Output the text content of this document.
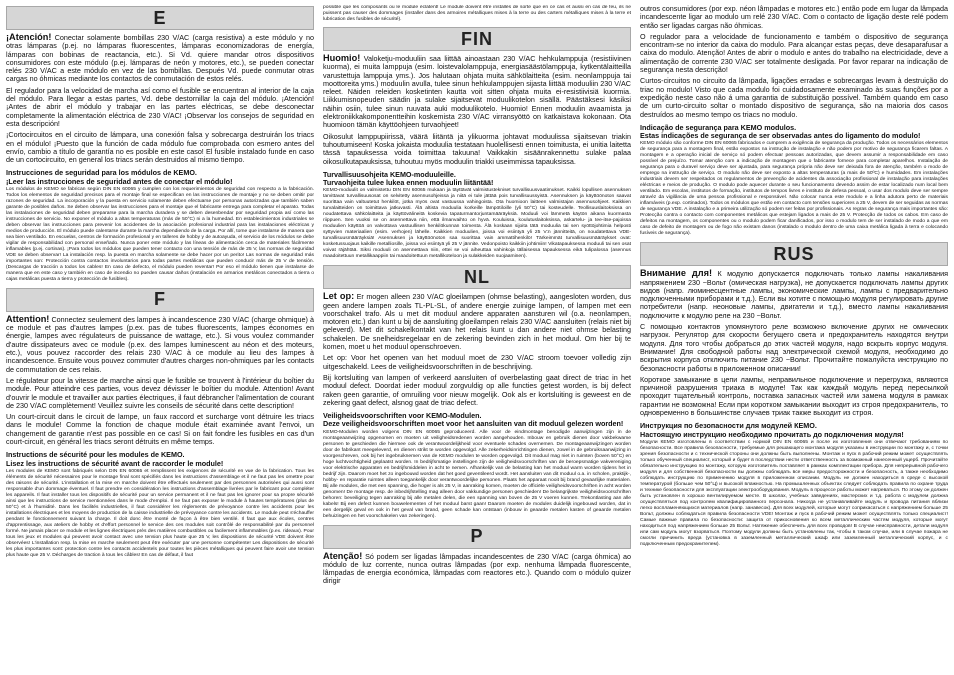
E

¡Atención! Conectar solamente bombillas 230 V/AC (carga resistiva) a este módulo y no otras lámparas (p.ej. no lámparas fluorescentes, lámparas economizadoras de energía, lámparas con bobinas de reactancia, etc.). Si Vd. quiere mandar otros dispositivos consumidores con este módulo (p.ej. lámparas de neón y motores, etc.), se pueden conectar relés 230 V/AC a este módulo en vez de las bombillas. Después Vd. puede conmutar otras cargas no óhmicas mediante los contactos de conmutación de estos relés.

El regulador para la velocidad de marcha así como el fusible se encuentran al interior de la caja del módulo. Para llegar a estas partes, Vd. debe destornillar la caja del módulo. ¡Atención! ¡Antes de abrir el módulo y trabajar en las partes eléctricas, se debe desconectar completamente la alimentación eléctrica de 230 V/AC! ¡Observar los consejos de seguridad en esta descripción!

¡Cortocircuitos en el circuito de lámpara, una conexión falsa y sobrecarga destruirán los triacs en el módulo! ¡Puesto que la función de cada módulo fue comprobada con esmero antes del envío, cambio a título de garantía no es posible en este caso! El fusible instalado funde en caso de un cortocircuito, en general los triacs serán destruidos al mismo tiempo.

Instrucciones de seguridad para los módulos de KEMO.
¡Leer las instrucciones de seguridad antes de conectar el módulo!

Los módulos de KEMO se fabrican según DIN EN 60065 y cumplen con los requerimientos de seguridad con respecto a la fabricación. Todos los elementos de seguridad precisos para el montaje final se especifican en las instrucciones de montaje y no se deben omitir por razones de seguridad. La incorporación y la puesta en servicio solamente deben efectuarse por personas autorizadas que también saben garante de posibles daños. Se deben observar las instrucciones para el montaje que el fabricante entrega para completar el aparato. Todas las instalaciones de seguridad deben prepararse para la marcha duradera y se deben desenbendar por seguridad propia así como las instrucciones de servicio. No exponer el módulo a altas temperaturas (más de 50°C) ni a la humedad. En establecimientos industriales se deben observar las instrucciones para prevenir los accidentes de la asociación profesional industrial para las instalaciones eléctricas y medios de producción. El módulo puede calentarse durante la marcha dependiendo de la carga. Por allí, tome que instalarse de manera que sea bien ventilado. En escuelas, centros de formación profesional y en talleres de hobby y de autoayuda, el servicio de los módulos se debe vigilar de responsabilidad con personal enseñado. Nunca poner este módulo y las líneas de alimentación cerca de materiales fácilmente inflamables (p.ej. cortinas). ¡Para todos los módulos que pueden tener contacto con una tensión de más de 25 V, las normas de seguridad VDE se deben observar! La instalación resp. la puesta en marcha solamente se debe hacer por un perito! Las normas de seguridad más importantes son: Protección contra contactos involuntarios para todas partes metálicas que pueden conducir más de 25 V de tensión. (Descargas de tracción a todos los cables! En caso de defecto, el módulo pueden reventar! Por eso el módulo tienen que instalarse de manera que en este caso y también en caso de incendio no pueden causar daños (instalación en armarios metálicos conectados a tierra o cajas metálicas puesta a tierra y protección de fusibles).

F

Attention! Connectez seulement des lampes à incandescence 230 V/AC (charge ohmique) à ce module et pas d'autres lampes (p.ex. pas de tubes fluorescents, lampes économes en énergie, lampes avec régulateurs de puissance de wattage, etc.). Si vous voulez commander d'autre dissipateurs avec ce module (p.ex. des lampes luminescent au néon et des moteurs, etc.), vous pouvez raccorder des relais 230 V/AC à ce module au lieu des lampes à incandescence. Ensuite vous pouvez commuter d'autres charges non-ohmiques par les contacts de commutation de ces relais.

Le régulateur pour la vitesse de marche ainsi que le fusible se trouvent à l'intérieur du boîtier du module. Pour atteindre ces parties, vous devez dévisser le boîtier du module. Attention! Avant d'ouvrir le module et travailler aux parties électriques, il faut débrancher l'alimentation de courant de 230 V/AC complètement! Veuillez suivre les conseils de sécurité dans cette description!

Un court-circuit dans le circuit de lampe, un faux raccord et surcharge vont détruire les triacs dans le module! Comme la fonction de chaque module était examinée avant l'envoi, un changement de garantie n'est pas possible en ce cas! Si on fait fondre les fusibles en cas d'un court-circuit, en général les triacs seront détruits en même temps.

Instructions de sécurité pour les modules de KEMO.
Lisez les instructions de sécurité avant de raccorder le module!

Les modules de KEMO sont fabriqués selon DIN EN 60065 et remplissent les exigences de sécurité en vue de la fabrication. Tous les éléments de sécurité nécessaires pour le montage final sont spécifiés dans les instructions d'assemblage et il ne faut pas les omettre pour des raisons de sécurité. L'installation et la mise en marche doivent être effectués seulement par des personnes autorisées qui aussi sont responsable d'un dommage éventuel. Il faut prendre en considération les instructions d'assemblage livrées par le fabricant pour compléter les appareils. Il faut installer tous les dispositifs de sécurité pour un service permanent et il ne faut pas les ignorer pour sa propre sécurité ainsi que les instructions de service mentionnées dans le mode d'emploi. Il ne faut pas exposer le module à hautes températures (plus de 50°C) et à l'humidité. Dans les facilités industrielles, il faut considérer les règlements de prévoyance contre les accidents pour les installations électriques et les moyens de production de la caisse industrielle de prévoyance contre les accidents. Le module peut s'échauffer pendant le fonctionnement suivant la charge. Il doit donc être monté de façon à être bien ventilé. Il faut que aux écoles, centres d'apprentissage, aux ateliers de hobby et d'effort personnel le service des ces modules soit contrôlé de responsabilité par du personnel formé. Ne jamais placer ce module et les lignes électriques près des matières combustibles ou facilement inflammables (p.ex. rideaux). Pour tous les jeux et modules qui peuvent avoir contact avec une tension plus haute que 25 V, les dispositions de sécurité VDE doivent être observées! L'installation resp. la mise en marche seulement peut être exécuter par une personne compétente! Les dispositions de sécurité les plus importantes sont: protection contre les contacts accidentels pour toutes les pièces métalliques qui peuvent faire avoir une tension plus haute que 25 V. Décharges de traction à tous les câbles! En cas de défaut, il faut

possible que les composants ou le module éclatent! Le module doivent être installés de sorte que en ce cas et aussi en cas de feu, ils ne puissent pas causer des dommages (installer dans des armoires métalliques mises à la terre ou des carters métalliques mises à la terre et lubrication des fusibles de sécurité).

FIN

Huomio! Valoketju-moduuliin saa liittää ainoastaan 230 V/AC hehkulamppuja (resistiivinen kuorma), ei muita lamppuja (esim. loistevalolamppuja, energiasäästölamppuja, kytkentälaitteilla varustettuja lamppuja yms.). Jos halutaan ohjata muita sähkölaitteita (esim. neonlamppuja tai moottoreita yms.) moduulin avulla, tulee sinun hehkulamppujen sijasta liittää moduuliin 230 V/AC releet. Näiden releiden kosketinten kautta voit sitten ohjata muita ei-resistiivisiä kuormia. Liikkumisnopeuden säädin ja sulake sijaitsevat moduulikotelon sisällä. Päästäksesi käsiksi näihin osiin, tulee sinun ruuvata auki moduulikotelo. Huomio! Ennen moduulin avaamista ja elektroniikkakomponentteihin koskemista 230 V/AC virransyöttö on katkaistava kokonaan. Ota huomioon tämän käyttöohjeen turvaohjeet!

Oikosulut lamppupiirissä, väärä liitäntä ja ylikuorma johtavat moduulissa sijaitsevan triakin tuhoutumiseen! Koska jokaista moduulia testataan huolellisesti ennen toimitusta, ei unitia laitetta tässä tapauksessa voida toimittaa takuuna! Vaikkakin sisäänrakennettu sulake palaa oikosulkutapauksissa, tuhoutuu myös moduulin triakki useimmissa tapauksissa.

Turvallisuusohjeita KEMO-moduuleille.
Turvaohjeita tulee lukea ennen moduulin liitäntää!

KEMO-moduulit on valmistettu DIN EN 60065 mukaan ja täyttävät valmistustekniset turvallisuusvaatimukset. Kaikki lopullisen asennuksen tarvittavat turvallisuusosat on selvitetty asennusohjeissa ja niitä ei tule jättää pois turvallisuussyistä. Asennuksen ja käyttöönoton saavat suorittaa vain valtuutetut henkilöt, jotka myös ovat vastuussa vahingoista. Ota huomioon laitteen valmistajan asennusohjeet. Kaikkien turvalaitteiden on toimittava jatkuvasti. Älä altista moduulia korkeille lämpötiloille (yli 50°C) tai kosteudelle. Teollisuuslaitoksissa on noudatettava sähkölaitteita ja käyttövälineitä koskevia tapaturmantorjuntamääräyksiä. Moduuli voi lämmetä käytön aikana kuormasta riippuen. Sen vuoksi se on asennettava niin, että ilmanvaihto on hyvä. Kouluissa, koulutuslaitoksissa, askartelu- ja tee-itse-pajoissa moduulien käyttöä on valvottava vastuullisen henkilökunnan toimesta. Älä koskaan sijoita tätä moduulia tai sen syöttöjohtimia helposti syttyvien materiaalien (esim. verhojen) lähelle. Kaikkien moduulien, joissa voi esiintyä yli 25 V:n jännitteitä, on noudatettava VDE-turvallisuusmääräyksiä! Asennuksen ja käyttöönoton saa suorittaa vain ammattihenkilö! Tärkeimmät turvallisuusmääräykset ovat: kosketussuojaus kaikille metalliosille, joissa voi esiintyä yli 25 V jännite. Vedonpoisto kaikkiin johtimiin! Vikatapauksessa moduuli tai sen osat voivat räjähtää. Siksi moduuli on asennettava niin, ettei se voi aiheuttaa vahinkoja tällaisessa tapauksessa eikä tulipalossa (asennus maadoitettuun metallikaappiin tai maadoitettuun metallikoteloon ja sulakkeiden suojaaminen).

NL

Let op: Er mogen alleen 230 V/AC gloeilampen (ohmse belasting), aangesloten worden, dus geen andere lampen zoals TL-PL-SL, of andere energie zuinige lampen, of lampen met een voorschakel trafo. Als u met dit moduul andere apparaten aansturen wil (o.a. neonlampen, motoren etc.) dan kunt u bij de aansluiting gloeilampen relais 230 V/AC aansluiten (relais niet bij geleverd). Met dit schakelkontakt van het relais kunt u dan andere niet ohmse belasting schakelen. De snelheidsregelaar en de zekering bevinden zich in het moduul. Om hier bij te komen, moet u het moduul openschroeven.

Let op: Voor het openen van het moduul moet de 230 V/AC stroom toevoer volledig zijn uitgeschakeld. Lees de veiligheidsvoorschriften in de beschrijving.

Bij kortsluiting van lampen of verkeerd aansluiten of overbelasting gaat direct de triac in het moduul defect. Doordat ieder moduul zorgvuldig op alle functies getest worden, is bij defect raken geen garantie, of omruiling voor nieuw mogelijk. Ook als er kortsluiting is geweest en de zekering gaat defect, alsnog gaat de triac defect.

Veiligheidsvoorschriften voor KEMO-Modulen.
Deze veiligheidsvoorschriften moet voor het aansluiten van dit moduul gelezen worden!

KEMO-Modulen worden volgens DIN EN 60065 geproduceerd. Alle voor de eindmontage benodigde aanwijzingen zijn in de montageaanwijzing opgenomen en moeten uit veiligheidsredenen worden aangehouden. Inbouw en gebruik dienen door vakbekwame personen te geschieden die hiermee ook de verantwoordelijkheid voor eventuele schades overnemen. De montageaanwijzingen worden door de fabrikant meegeleverd, en dienen strikt te worden opgevolgd. Alle zekerheidsinrichtingen dienen, zowel in de gebruiksaanwijzing in voorgeschreven, ook bij het ingebruiknemen van de KEMO modulen te worden opgevolgd. Dit moduul mag niet in ruimten (boven 50°C) en hoge luchtvochtigheid geplaatst worden. In bedrijfsmatige instellingen zijn de veiligheidsvoorschriften van de beroepsmatige vakvereniging voor elektrische apparaten en bedrijfsmiddelen in acht te nemen. Afhankelijk van de belasting kan het moduul warm worden tijdens het in bedrijf zijn. Daarom moet het zo ingebouwd worden dat het goed geventileerd wordt. Het aansluiten van dit moduul o.a. in scholen, praktijk-, hobby- en reparatie ruimtes alleen toegankelijk door verantwoordelijke personen. Plaats het apparaat nooit bij brand gevaarlijke materialen. Bij alle modules, die met een spanning, die hoger is als 25 V, in aanraking komen, moeten de officiële veiligheidsvoorschriften in acht worden genomen! De montage resp. de inbedrijfstelling mag alleen door vakkundige personen geschieden! De belangrijkste veiligheidsvoorschriften behoren: beveiliging tegen aanraking bij alle metalen delen, die een spanning van boven de 25 V voeren kunnen. Trekontlasting aan alle kabels! Bij een defect kunnen bouwelementen of het moduul barst gaan! Daarom moeten de modules duidelijk ingebouwd worden, dat in een dergelijk geval en ook in het geval van brand, geen schade kan ontstaan (inbouw in geaarde metalen kasten of geaarde metalen behuizingen en het voorschakelen van zekeringen).

P

Atenção! Só podem ser ligadas lâmpadas incandescentes de 230 V/AC (carga óhmica) ao módulo de luz corrente, nunca outras lâmpadas (por exp. nenhuma lâmpada fluorescente, lâmpadas de energia económica, lâmpadas com reactores etc.). Quando com o módulo quizer dirigir

outros consumidores (por exp. néon lâmpadas e motores etc.) então pode em lugar da lâmpada incandescente ligar ao modulo um relé 230 V/AC. Com o contacto de ligação deste relé podem então ser ligadas cargas não óhmicas.

O regulador para a velocidade de funcionamento e também o dispositivo de segurança encontram-se no interior da caixa do modulo. Para alcançar estas peças, deve desaparafusar a caixa do modulo. Atenção! Antes de abrir o modulo e antes do trabalho na electricidade, deve a alimentação de corrente 230 V/AC ser totalmente desligada. Por favor reparar na indicação de segurança nesta descrição!

Curtos-circuitos no circuito da lâmpada, ligações erradas e sobrecargas levam à destruição do triac no modulo! Visto que cada modulo foi cuidadosamente examinado às suas funções por a expedição neste caso não á uma garantia de substituição possível. Também quando em caso de um curto-circuito soltar o montado dispositivo de segurança, são na maioria dos casos destruídos ao mesmo tempo os triacs no modulo.

Indicação de segurança para KEMO modulos.
Estas indicações de segurança de ser observadas antes do ligamento do modulo!

KEMO módulo são conforme DIN EN 60065 fabricados e cumprem a exigência de segurança da produção. Todos os necessários elementos de segurança para a montagem final, estão expostos na instrução de instalação e não podem por motivo de segurança ficarem faltas. A montagem e a operação inicial de serviço só podem efectuar pessoas autorizadas, que devem assumir a responsabilidade em caso possível de prejuízo. Tomar atenção com a indicação de montagem que o fabricante fornece para completar aparelhos. Instalação de segurança para o duravel serviço deve ser ajustada, para segurança própria não deve ser deixada fora de atenção, também o modo de emprego na instrução de serviço. O modulo não deve ser exposto a altas temperaturas (a mais de 50ºC) e humidades. Em instalações industriais devem ser respeitados os regulamentos de prevenção de acidentes da associação profissional de instalação para instalações eléctricas e meios de produção. O modulo pode aquecer durante o seu funcionamento devendo assim de estar localizado num local bem ventilado. Em escolas, institutos de formação, institutos de tempos livres e instituto de defesa pessoal, o usar dos modulo deve ser sempre atravéz da vigilância de uma pessoa profissional e responsável. Não colocar nunca este modulo e a linha adutora perto de materiais inflamáveis (p.exp. cortinados). Todos os módulos que estão em contacto com tensões superiores a 25 V, devem de ser seguidas as normas de segurança VDE. A instalação e a primeira utilização só podem ser feitas por profissionais. As regras de segurança mais importantes são: Protecção contra o contacto com componentes metálicos que estejam ligados a mais de 25 V. Protecção de todos os cabos. Em caso de defeitos na montagem, os componentes ou o modulo podem ficar danificados, por isso o modulo tem de ser instalado de modo a que em caso de defeito de montagem ou de fogo não existam danos (instalado o modulo dentro de uma caixa metálica ligada à terra e colocando fusíveis de segurança).

RUS

Внимание для! К модулю допускается подключать только лампы накаливания напряжением 230 ~Вольт (омическая нагрузка), не допускается подключать лампы других видов (напр. люминесцентные лампы, экономические лампы, лампы с предварительно подключенными приборами и т.д.). Если вы хотите с помощью модуля регулировать другие потребители (напр. неоновые лампы, двигатели и т.д.), вместо лампы накаливания подключите к модулю реле на 230 ~Вольт.

С помощью контактов упомянутого реле возможно включение других не омических нагрузок. Регулятор для скорости бегущего света и предохранитель находятся внутри модуля. Для того чтобы добраться до этих частей модуля, надо вскрыть корпус модуля. Внимание! Для свободной работы над электрической схемой модуля, необходимо до вскрытия корпуса отключить питание 230 ~Вольт. Прочитайте пожалуйста инструкцию по безопасности работы в приложенном описании!

Короткое замыкание в цепи лампы, неправильное подключение и перегрузка, являются причиной разрушения триака в модуле! Так как каждый модуль перед пересылкой проходит тщательный контроль, поставка запасных частей или замена модуля в рамках гарантии не возможна! Если при коротком замыкании выходит из строя предохранитель, то одновременно в большинстве случаев триак также выходит из строя.

Инструкция по безопасности для модулей КЕМО.
Настоящую инструкцию необходимо прочитать до подключения модуля!

Модули КЕМО изготовлены в соответствии с нормой DIN EN 60065 и после их изготовления они отвечают требованиям по безопасности. Все правила безопасности, требуемые для решающего монтажа модуля указаны в инструкции по монтажу и, с точки зрения безопасности и с технической стороны они должны быть выполнены. Монтаж и пуск в рабочий режим может осуществлять только обученный специалист, который и будет в последствии нести ответственность за возможный нанесенный ущерб. Прочитайте обязательно инструкцию по монтажу, которую изготовитель поставляет в рамках комплектации прибора. Для непрерывной рабочего модуля и для собственной безопасности вы должны соблюдать все меры предосторожности и безопасность, а также необходимо соблюдать инструкцию по применению модуля в приложенном описании. Модуль не должен находиться в среде с высокой температурой (больше чем 50°Ц) и высокой влажностью. На промышленных объектах следует соблюдать правила по охране труда и технике безопасности для эксплуатации электрооборудования. Модуль в процессе работы может нагреваться. По этому он должен быть установлен в хорошо вентилируемом месте. В школах, учебных заведениях, мастерских и т.д. работа с модулем должна осуществляться под контролем квалифицированного персонала. Никогда не устанавливайте модуль и провода питания вблизи легко воспламеняющихся материалов (напр. занавесок). Для всех модулей, которые могут соприкасаться с напряжением больше 25 Вольт, должны соблюдаться правила безопасности VDE! Монтаж и пуск в рабочий режим может осуществлять только специалист! Самые важные правила по безопасности: защита от прикосновения ко всем металлическим частям модуля, которые могут находиться под напряжением больше 25 Вольт. Натяжение обеспечить для всех проводов! В случае неисправности, детали модуля или сам модуль могут взорваться. Поэтому модули должны быть установлены так, чтобы в таком случае, или в случае пожара не смогли причинить вреда (установка в заземленный металлический шкаф или заземленный металлический корпус, и с подключенным предохранителем).
